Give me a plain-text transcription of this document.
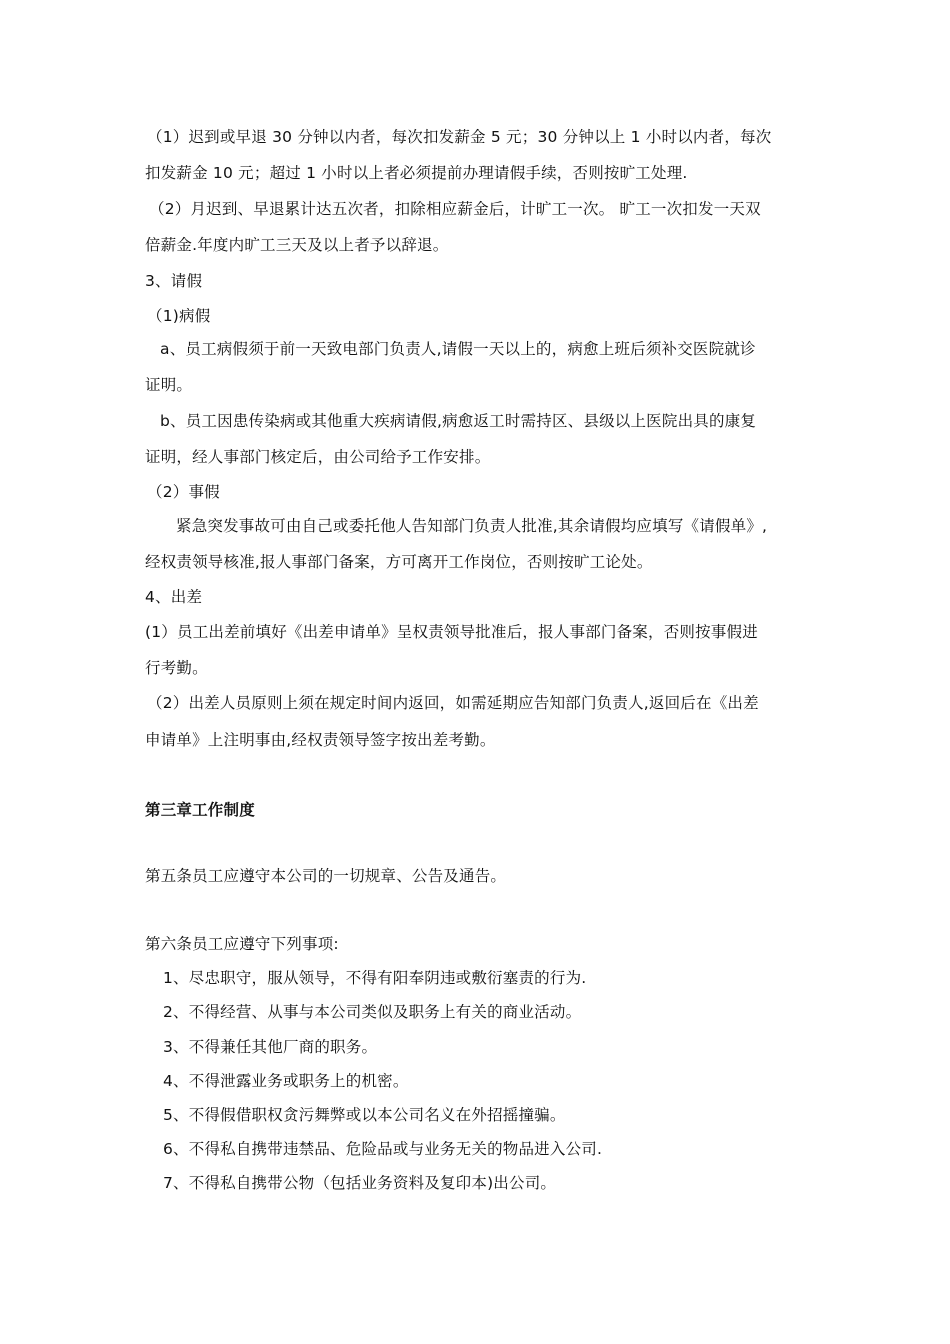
（1）迟到或早退 30 分钟以内者，每次扣发薪金 5 元；30 分钟以上 1 小时以内者，每次
扣发薪金 10 元；超过 1 小时以上者必须提前办理请假手续，否则按旷工处理.
（2）月迟到、早退累计达五次者，扣除相应薪金后，计旷工一次。 旷工一次扣发一天双
倍薪金.年度内旷工三天及以上者予以辞退。
3、请假
（1)病假
a、员工病假须于前一天致电部门负责人,请假一天以上的，病愈上班后须补交医院就诊
证明。
b、员工因患传染病或其他重大疾病请假,病愈返工时需持区、县级以上医院出具的康复
证明，经人事部门核定后，由公司给予工作安排。
（2）事假
紧急突发事故可由自己或委托他人告知部门负责人批准,其余请假均应填写《请假单》,
经权责领导核准,报人事部门备案，方可离开工作岗位，否则按旷工论处。
4、出差
(1）员工出差前填好《出差申请单》呈权责领导批准后，报人事部门备案，否则按事假进
行考勤。
（2）出差人员原则上须在规定时间内返回，如需延期应告知部门负责人,返回后在《出差
申请单》上注明事由,经权责领导签字按出差考勤。
第三章工作制度
第五条员工应遵守本公司的一切规章、公告及通告。
第六条员工应遵守下列事项:
1、尽忠职守，服从领导，不得有阳奉阴违或敷衍塞责的行为.
2、不得经营、从事与本公司类似及职务上有关的商业活动。
3、不得兼任其他厂商的职务。
4、不得泄露业务或职务上的机密。
5、不得假借职权贪污舞弊或以本公司名义在外招摇撞骗。
6、不得私自携带违禁品、危险品或与业务无关的物品进入公司.
7、不得私自携带公物（包括业务资料及复印本)出公司。
